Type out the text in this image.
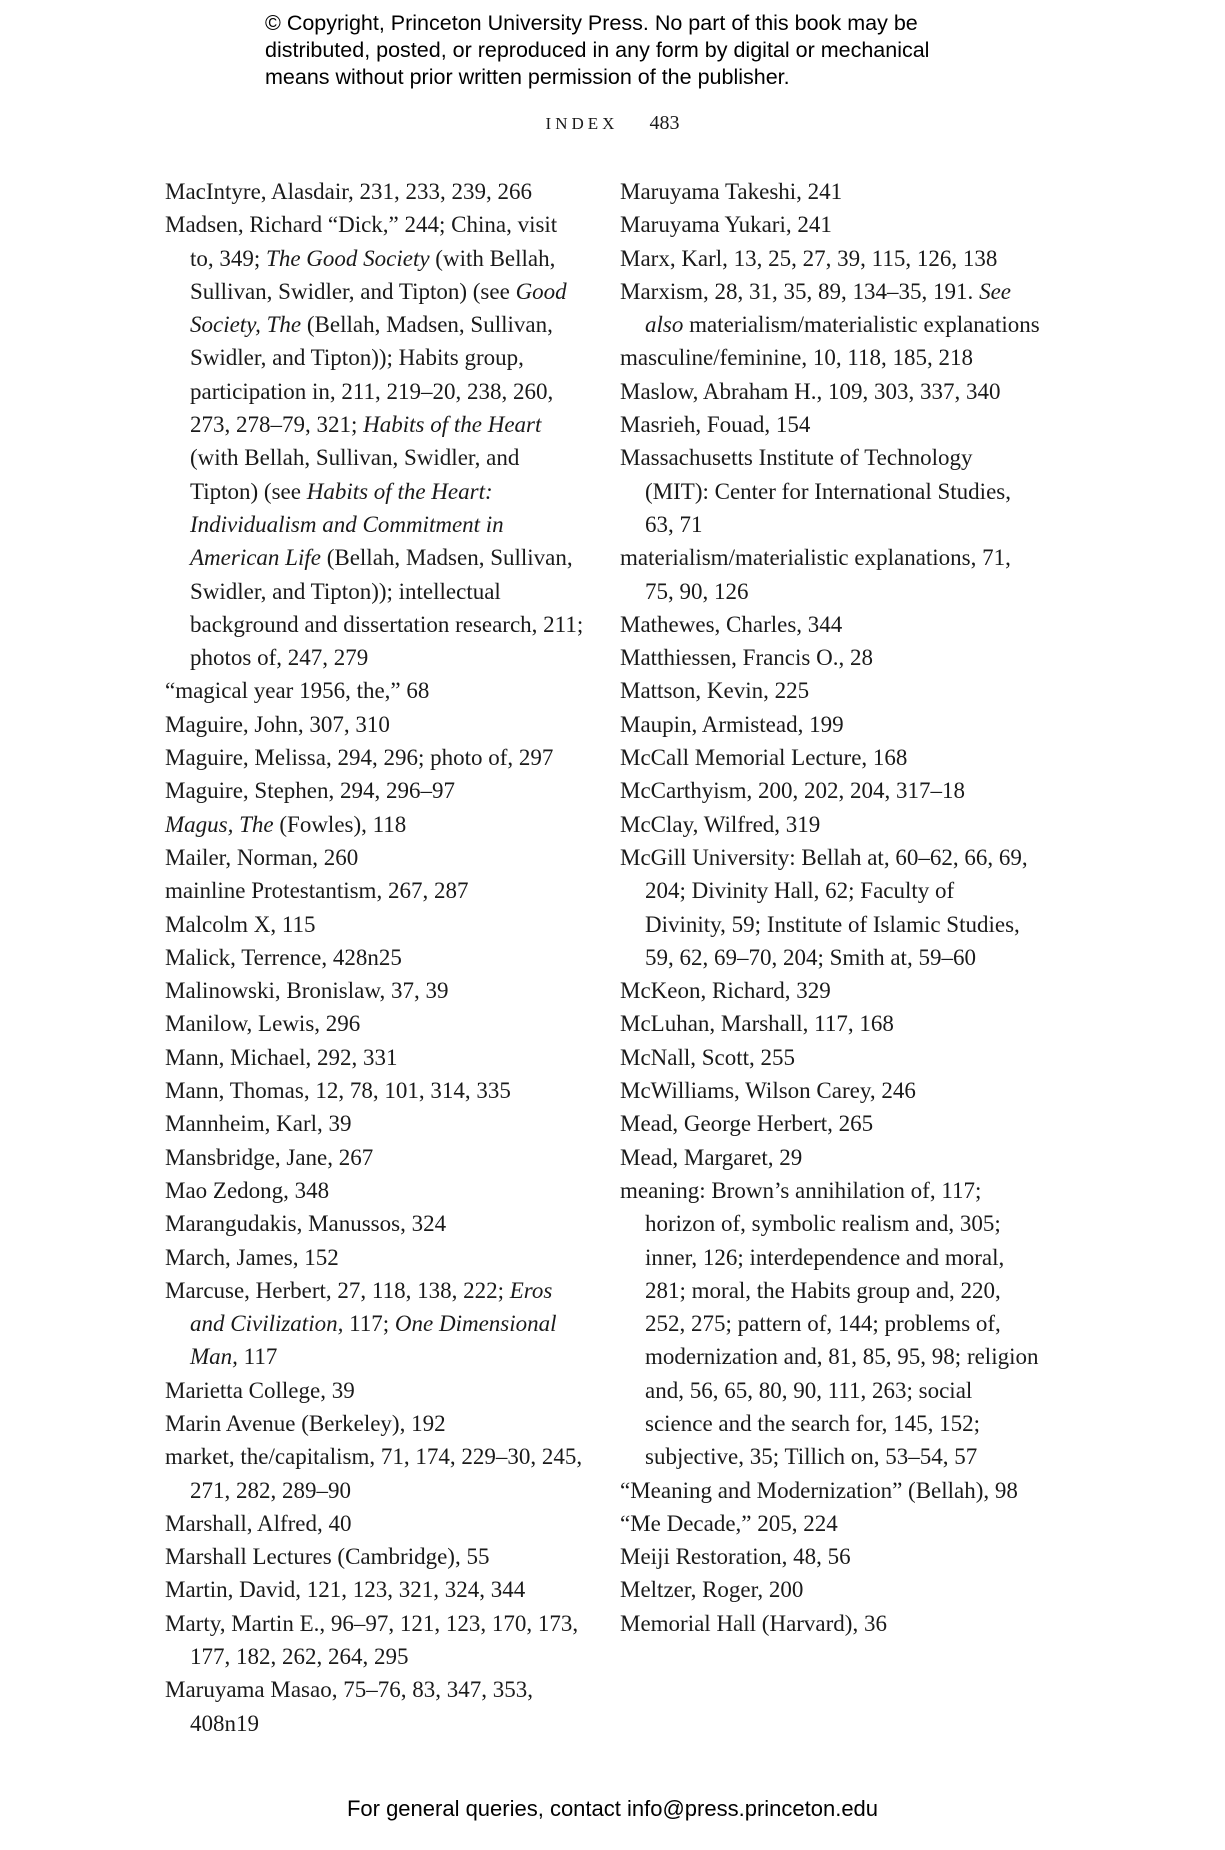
© Copyright, Princeton University Press. No part of this book may be
distributed, posted, or reproduced in any form by digital or mechanical
means without prior written permission of the publisher.
INDEX 483

MacIntyre, Alasdair, 231, 233, 239, 266

Madsen, Richard “Dick,” 244; China, visit to, 349; The Good Society (with Bellah, Sullivan, Swidler, and Tipton) (see Good Society, The (Bellah, Madsen, Sullivan, Swidler, and Tipton)); Habits group, participation in, 211, 219–20, 238, 260, 273, 278–79, 321; Habits of the Heart (with Bellah, Sullivan, Swidler, and Tipton) (see Habits of the Heart: Individualism and Commitment in American Life (Bellah, Madsen, Sullivan, Swidler, and Tipton)); intellectual background and dissertation research, 211; photos of, 247, 279

“magical year 1956, the,” 68

Maguire, John, 307, 310

Maguire, Melissa, 294, 296; photo of, 297

Maguire, Stephen, 294, 296–97

Magus, The (Fowles), 118

Mailer, Norman, 260

mainline Protestantism, 267, 287

Malcolm X, 115

Malick, Terrence, 428n25

Malinowski, Bronislaw, 37, 39

Manilow, Lewis, 296

Mann, Michael, 292, 331

Mann, Thomas, 12, 78, 101, 314, 335

Mannheim, Karl, 39

Mansbridge, Jane, 267

Mao Zedong, 348

Marangudakis, Manussos, 324

March, James, 152

Marcuse, Herbert, 27, 118, 138, 222; Eros and Civilization, 117; One Dimensional Man, 117

Marietta College, 39

Marin Avenue (Berkeley), 192

market, the/capitalism, 71, 174, 229–30, 245, 271, 282, 289–90

Marshall, Alfred, 40

Marshall Lectures (Cambridge), 55

Martin, David, 121, 123, 321, 324, 344

Marty, Martin E., 96–97, 121, 123, 170, 173, 177, 182, 262, 264, 295

Maruyama Masao, 75–76, 83, 347, 353, 408n19

Maruyama Takeshi, 241

Maruyama Yukari, 241

Marx, Karl, 13, 25, 27, 39, 115, 126, 138

Marxism, 28, 31, 35, 89, 134–35, 191. See also materialism/materialistic explanations

masculine/feminine, 10, 118, 185, 218

Maslow, Abraham H., 109, 303, 337, 340

Masrieh, Fouad, 154

Massachusetts Institute of Technology (MIT): Center for International Studies, 63, 71

materialism/materialistic explanations, 71, 75, 90, 126

Mathewes, Charles, 344

Matthiessen, Francis O., 28

Mattson, Kevin, 225

Maupin, Armistead, 199

McCall Memorial Lecture, 168

McCarthyism, 200, 202, 204, 317–18

McClay, Wilfred, 319

McGill University: Bellah at, 60–62, 66, 69, 204; Divinity Hall, 62; Faculty of Divinity, 59; Institute of Islamic Studies, 59, 62, 69–70, 204; Smith at, 59–60

McKeon, Richard, 329

McLuhan, Marshall, 117, 168

McNall, Scott, 255

McWilliams, Wilson Carey, 246

Mead, George Herbert, 265

Mead, Margaret, 29

meaning: Brown’s annihilation of, 117; horizon of, symbolic realism and, 305; inner, 126; interdependence and moral, 281; moral, the Habits group and, 220, 252, 275; pattern of, 144; problems of, modernization and, 81, 85, 95, 98; religion and, 56, 65, 80, 90, 111, 263; social science and the search for, 145, 152; subjective, 35; Tillich on, 53–54, 57

“Meaning and Modernization” (Bellah), 98

“Me Decade,” 205, 224

Meiji Restoration, 48, 56

Meltzer, Roger, 200

Memorial Hall (Harvard), 36

For general queries, contact info@press.princeton.edu
